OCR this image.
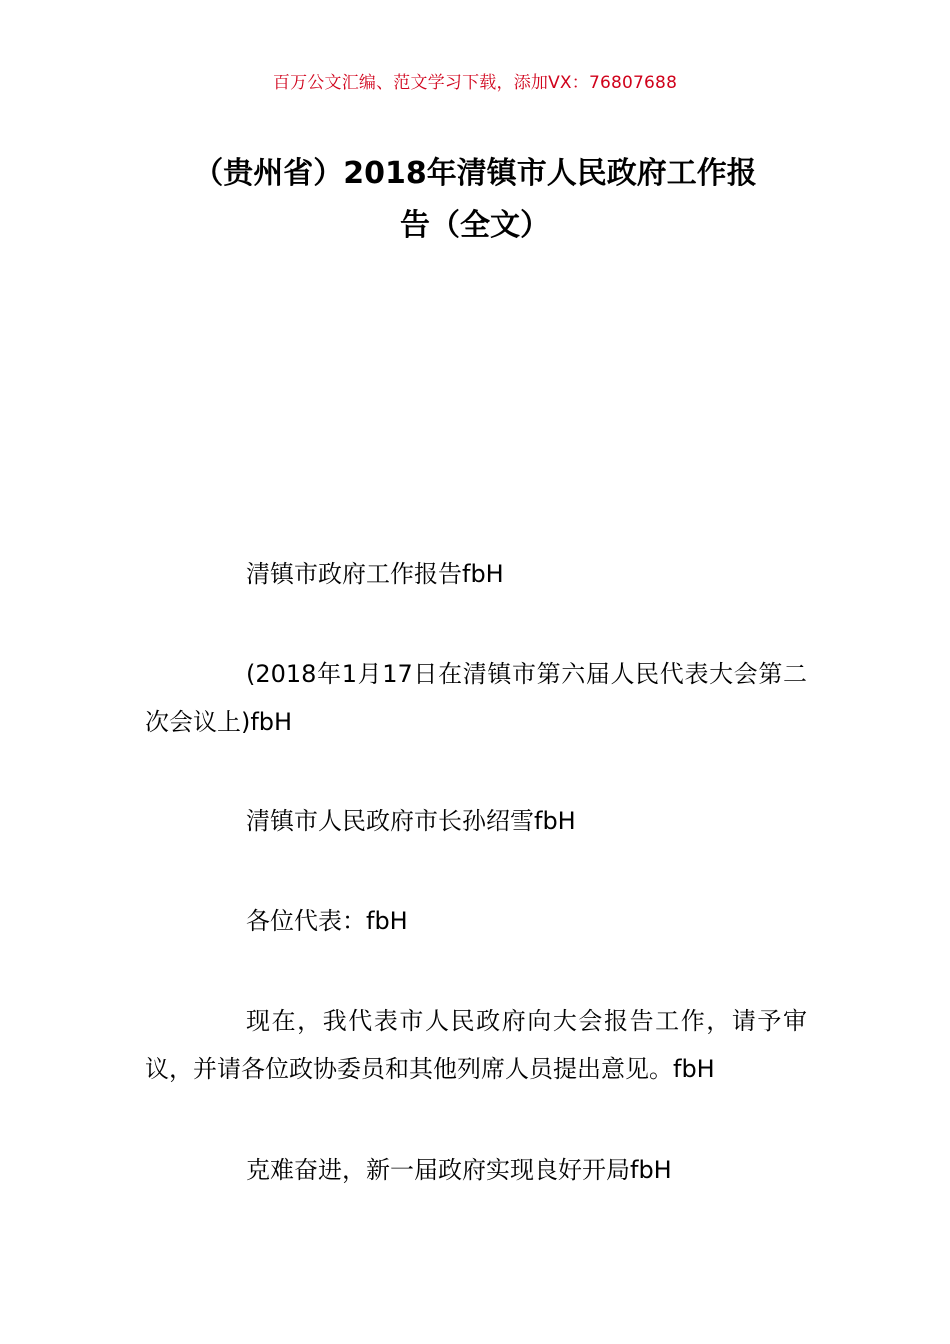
百万公文汇编、范文学习下载，添加VX：76807688
（贵州省）2018年清镇市人民政府工作报
告（全文）

清镇市政府工作报告fbH

(2018年1月17日在清镇市第六届人民代表大会第二次会议上)fbH

清镇市人民政府市长孙绍雪fbH

各位代表：fbH

现在，我代表市人民政府向大会报告工作，请予审议，并请各位政协委员和其他列席人员提出意见。fbH

克难奋进，新一届政府实现良好开局fbH
